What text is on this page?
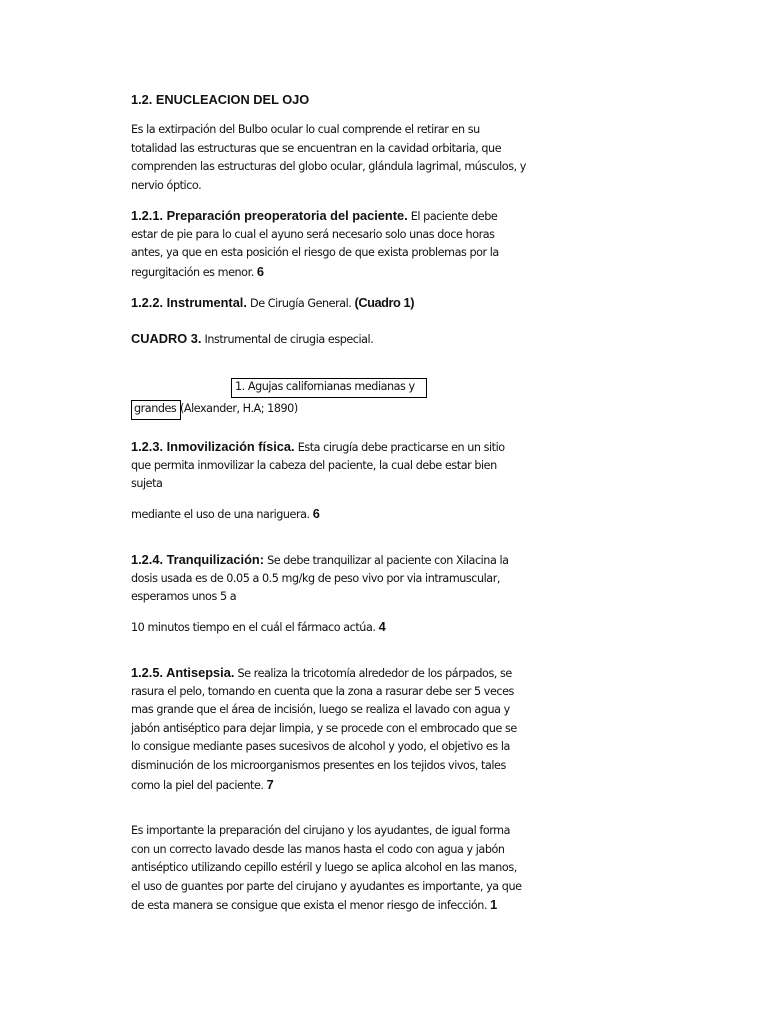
1.2. ENUCLEACION DEL OJO
Es la extirpación del Bulbo ocular lo cual comprende el retirar en su
totalidad las estructuras que se encuentran en la cavidad orbitaria, que
comprenden las estructuras del globo ocular, glándula lagrimal, músculos, y
nervio óptico.
1.2.1. Preparación preoperatoria del paciente. El paciente debe
estar de pie para lo cual el ayuno será necesario solo unas doce horas
antes, ya que en esta posición el riesgo de que exista problemas por la
regurgitación es menor. 6
1.2.2. Instrumental. De Cirugía General. (Cuadro 1)
CUADRO 3. Instrumental de cirugia especial.
1. Agujas californianas medianas y
grandes (Alexander, H.A; 1890)
1.2.3. Inmovilización física. Esta cirugía debe practicarse en un sitio
que permita inmovilizar la cabeza del paciente, la cual debe estar bien
sujeta
mediante el uso de una nariguera. 6
1.2.4. Tranquilización: Se debe tranquilizar al paciente con Xilacina la
dosis usada es de 0.05 a 0.5 mg/kg de peso vivo por via intramuscular,
esperamos unos 5 a
10 minutos tiempo en el cuál el fármaco actúa. 4
1.2.5. Antisepsia. Se realiza la tricotomía alrededor de los párpados, se
rasura el pelo, tomando en cuenta que la zona a rasurar debe ser 5 veces
mas grande que el área de incisión, luego se realiza el lavado con agua y
jabón antiséptico para dejar limpia, y se procede con el embrocado que se
lo consigue mediante pases sucesivos de alcohol y yodo, el objetivo es la
disminución de los microorganismos presentes en los tejidos vivos, tales
como la piel del paciente. 7
Es importante la preparación del cirujano y los ayudantes, de igual forma
con un correcto lavado desde las manos hasta el codo con agua y jabón
antiséptico utilizando cepillo estéril y luego se aplica alcohol en las manos,
el uso de guantes por parte del cirujano y ayudantes es importante, ya que
de esta manera se consigue que exista el menor riesgo de infección. 1
